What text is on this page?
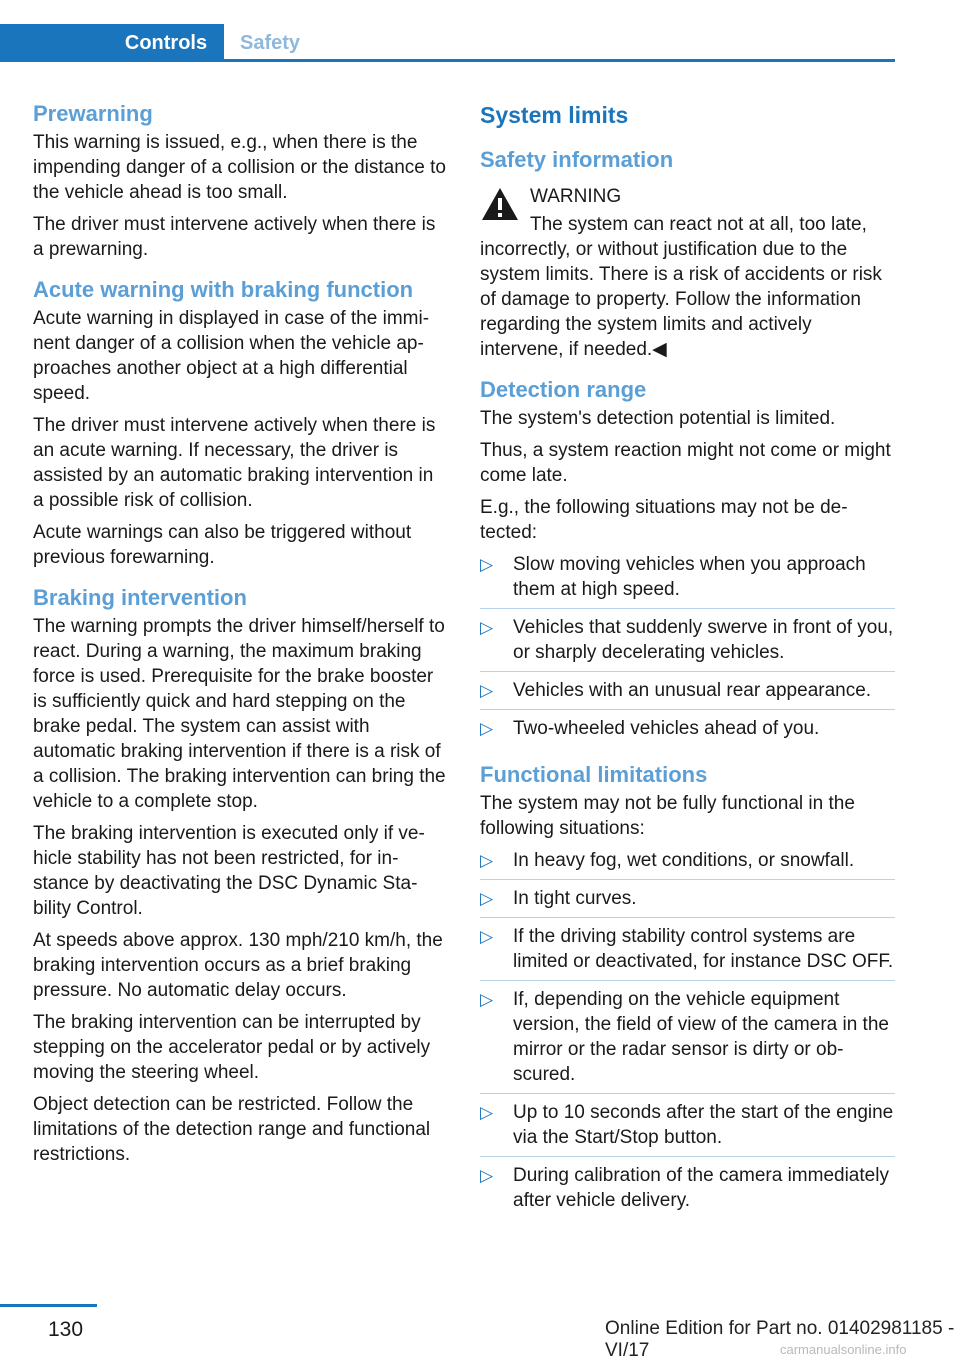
Controls	Safety
Prewarning

This warning is issued, e.g., when there is the impending danger of a collision or the distance to the vehicle ahead is too small.

The driver must intervene actively when there is a prewarning.

Acute warning with braking function

Acute warning in displayed in case of the imminent danger of a collision when the vehicle approaches another object at a high differential speed.

The driver must intervene actively when there is an acute warning. If necessary, the driver is assisted by an automatic braking intervention in a possible risk of collision.

Acute warnings can also be triggered without previous forewarning.

Braking intervention

The warning prompts the driver himself/herself to react. During a warning, the maximum braking force is used. Prerequisite for the brake booster is sufficiently quick and hard stepping on the brake pedal. The system can assist with automatic braking intervention if there is a risk of a collision. The braking intervention can bring the vehicle to a complete stop.

The braking intervention is executed only if vehicle stability has not been restricted, for instance by deactivating the DSC Dynamic Stability Control.

At speeds above approx. 130 mph/210 km/h, the braking intervention occurs as a brief braking pressure. No automatic delay occurs.

The braking intervention can be interrupted by stepping on the accelerator pedal or by actively moving the steering wheel.

Object detection can be restricted. Follow the limitations of the detection range and functional restrictions.

System limits
Safety information
WARNING
The system can react not at all, too late, incorrectly, or without justification due to the system limits. There is a risk of accidents or risk of damage to property. Follow the information regarding the system limits and actively intervene, if needed.◀
Detection range

The system's detection potential is limited.

Thus, a system reaction might not come or might come late.

E.g., the following situations may not be detected:

▷ Slow moving vehicles when you approach them at high speed.
▷ Vehicles that suddenly swerve in front of you, or sharply decelerating vehicles.
▷ Vehicles with an unusual rear appearance.
▷ Two-wheeled vehicles ahead of you.
Functional limitations

The system may not be fully functional in the following situations:

▷ In heavy fog, wet conditions, or snowfall.
▷ In tight curves.
▷ If the driving stability control systems are limited or deactivated, for instance DSC OFF.
▷ If, depending on the vehicle equipment version, the field of view of the camera in the mirror or the radar sensor is dirty or obscured.
▷ Up to 10 seconds after the start of the engine via the Start/Stop button.
▷ During calibration of the camera immediately after vehicle delivery.
130	Online Edition for Part no. 01402981185 - VI/17	carmanualsonline.info
